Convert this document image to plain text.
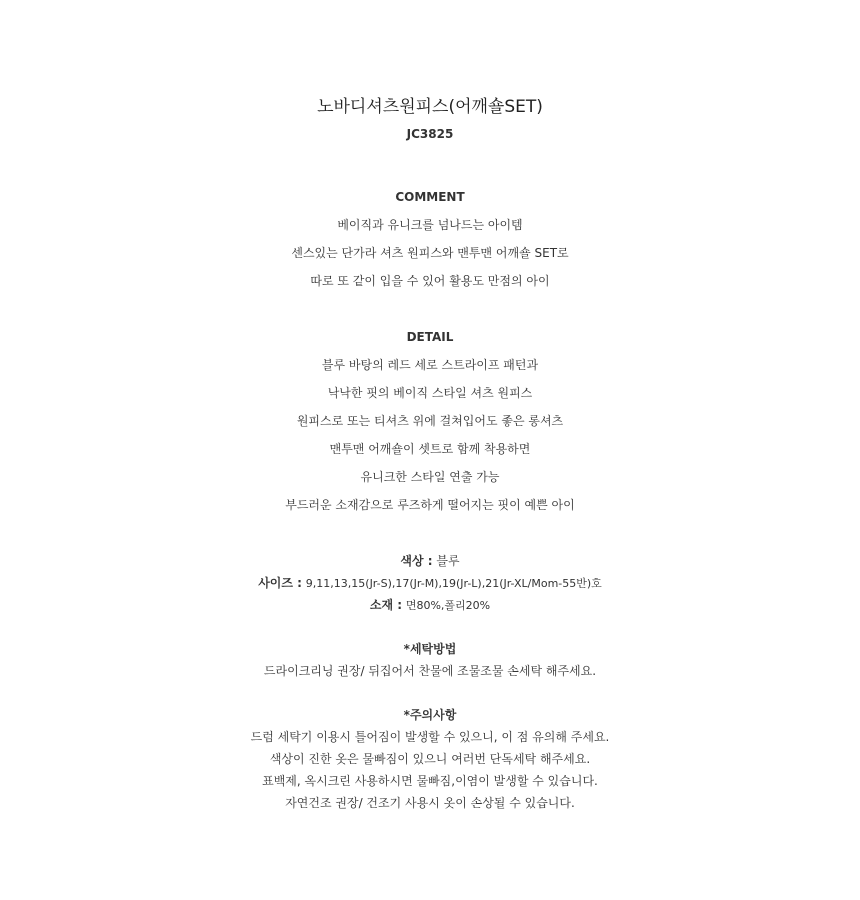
노바디셔츠원피스(어깨숄SET)
JC3825
COMMENT
베이직과 유니크를 넘나드는 아이템
센스있는 단가라 셔츠 원피스와 맨투맨 어깨숄 SET로
따로 또 같이 입을 수 있어 활용도 만점의 아이
DETAIL
블루 바탕의 레드 세로 스트라이프 패턴과
낙낙한 핏의 베이직 스타일 셔츠 원피스
원피스로 또는 티셔츠 위에 걸쳐입어도 좋은 롱셔츠
맨투맨 어깨숄이 셋트로 함께 착용하면
유니크한 스타일 연출 가능
부드러운 소재감으로 루즈하게 떨어지는 핏이 예쁜 아이
색상 : 블루
사이즈 : 9,11,13,15(Jr-S),17(Jr-M),19(Jr-L),21(Jr-XL/Mom-55반)호
소재 : 면80%,폴리20%
*세탁방법
드라이크리닝 권장/ 뒤집어서 찬물에 조물조물 손세탁 해주세요.
*주의사항
드럼 세탁기 이용시 틀어짐이 발생할 수 있으니, 이 점 유의해 주세요.
색상이 진한 옷은 물빠짐이 있으니 여러번 단독세탁 해주세요.
표백제, 옥시크린 사용하시면 물빠짐,이염이 발생할 수 있습니다.
자연건조 권장/ 건조기 사용시 옷이 손상될 수 있습니다.
